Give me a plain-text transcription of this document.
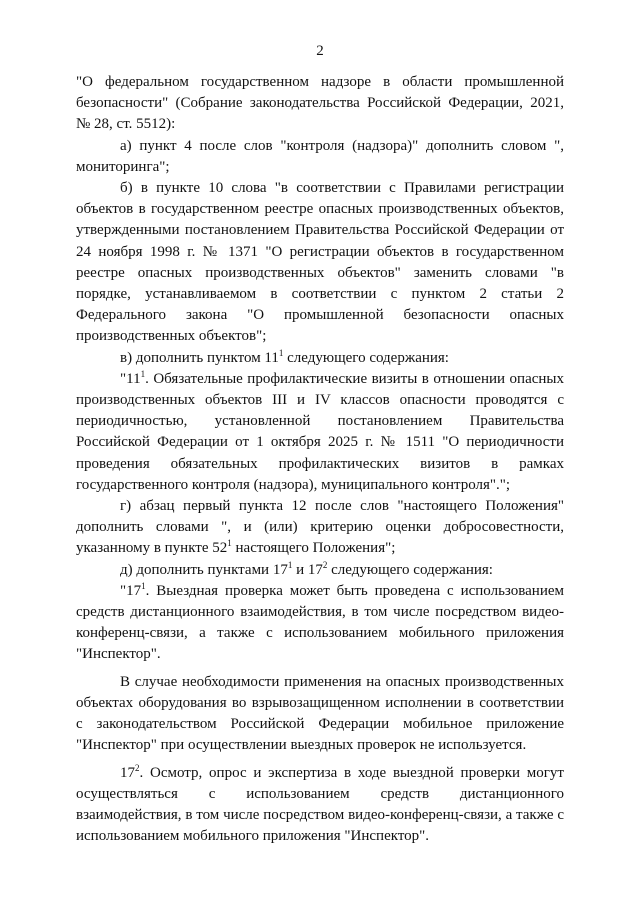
2

"О федеральном государственном надзоре в области промышленной безопасности" (Собрание законодательства Российской Федерации, 2021, № 28, ст. 5512):

а) пункт 4 после слов "контроля (надзора)" дополнить словом ", мониторинга";

б) в пункте 10 слова "в соответствии с Правилами регистрации объектов в государственном реестре опасных производственных объектов, утвержденными постановлением Правительства Российской Федерации от 24 ноября 1998 г. № 1371 "О регистрации объектов в государственном реестре опасных производственных объектов" заменить словами "в порядке, устанавливаемом в соответствии с пунктом 2 статьи 2 Федерального закона "О промышленной безопасности опасных производственных объектов";

в) дополнить пунктом $11^1$ следующего содержания:

"$11^1$. Обязательные профилактические визиты в отношении опасных производственных объектов III и IV классов опасности проводятся с периодичностью, установленной постановлением Правительства Российской Федерации от 1 октября 2025 г. № 1511 "О периодичности проведения обязательных профилактических визитов в рамках государственного контроля (надзора), муниципального контроля".";

г) абзац первый пункта 12 после слов "настоящего Положения" дополнить словами ", и (или) критерию оценки добросовестности, указанному в пункте $52^1$ настоящего Положения";

д) дополнить пунктами $17^1$ и $17^2$ следующего содержания:

"$17^1$. Выездная проверка может быть проведена с использованием средств дистанционного взаимодействия, в том числе посредством видео-конференц-связи, а также с использованием мобильного приложения "Инспектор".

В случае необходимости применения на опасных производственных объектах оборудования во взрывозащищенном исполнении в соответствии с законодательством Российской Федерации мобильное приложение "Инспектор" при осуществлении выездных проверок не используется.

$17^2$. Осмотр, опрос и экспертиза в ходе выездной проверки могут осуществляться с использованием средств дистанционного взаимодействия, в том числе посредством видео-конференц-связи, а также с использованием мобильного приложения "Инспектор".
